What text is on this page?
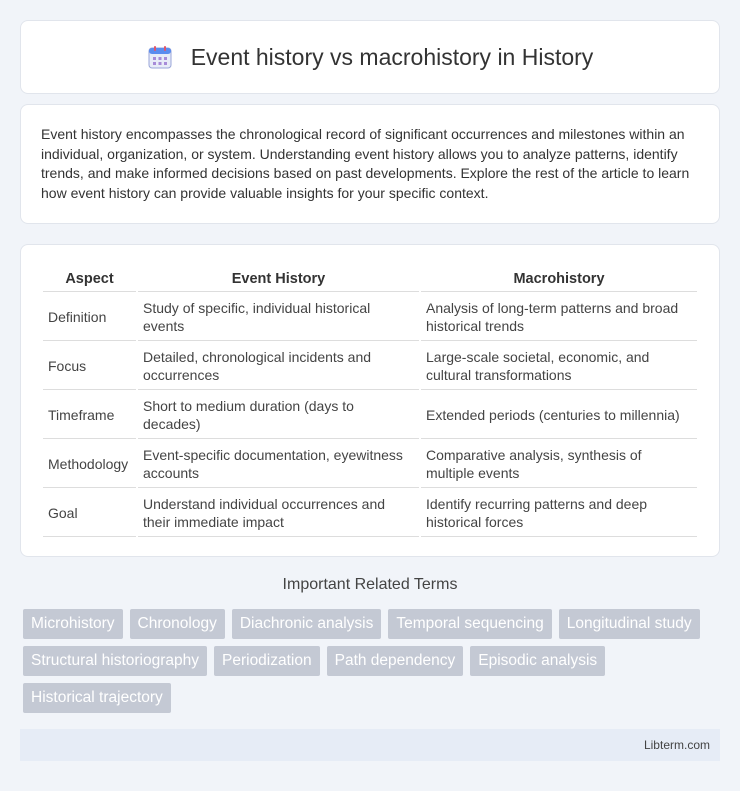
Event history vs macrohistory in History

Event history encompasses the chronological record of significant occurrences and milestones within an individual, organization, or system. Understanding event history allows you to analyze patterns, identify trends, and make informed decisions based on past developments. Explore the rest of the article to learn how event history can provide valuable insights for your specific context.

Aspect	Event History	Macrohistory
Definition	Study of specific, individual historical events	Analysis of long-term patterns and broad historical trends
Focus	Detailed, chronological incidents and occurrences	Large-scale societal, economic, and cultural transformations
Timeframe	Short to medium duration (days to decades)	Extended periods (centuries to millennia)
Methodology	Event-specific documentation, eyewitness accounts	Comparative analysis, synthesis of multiple events
Goal	Understand individual occurrences and their immediate impact	Identify recurring patterns and deep historical forces
Important Related Terms
Microhistory	Chronology	Diachronic analysis	Temporal sequencing	Longitudinal study
Structural historiography	Periodization	Path dependency	Episodic analysis
Historical trajectory
Libterm.com
